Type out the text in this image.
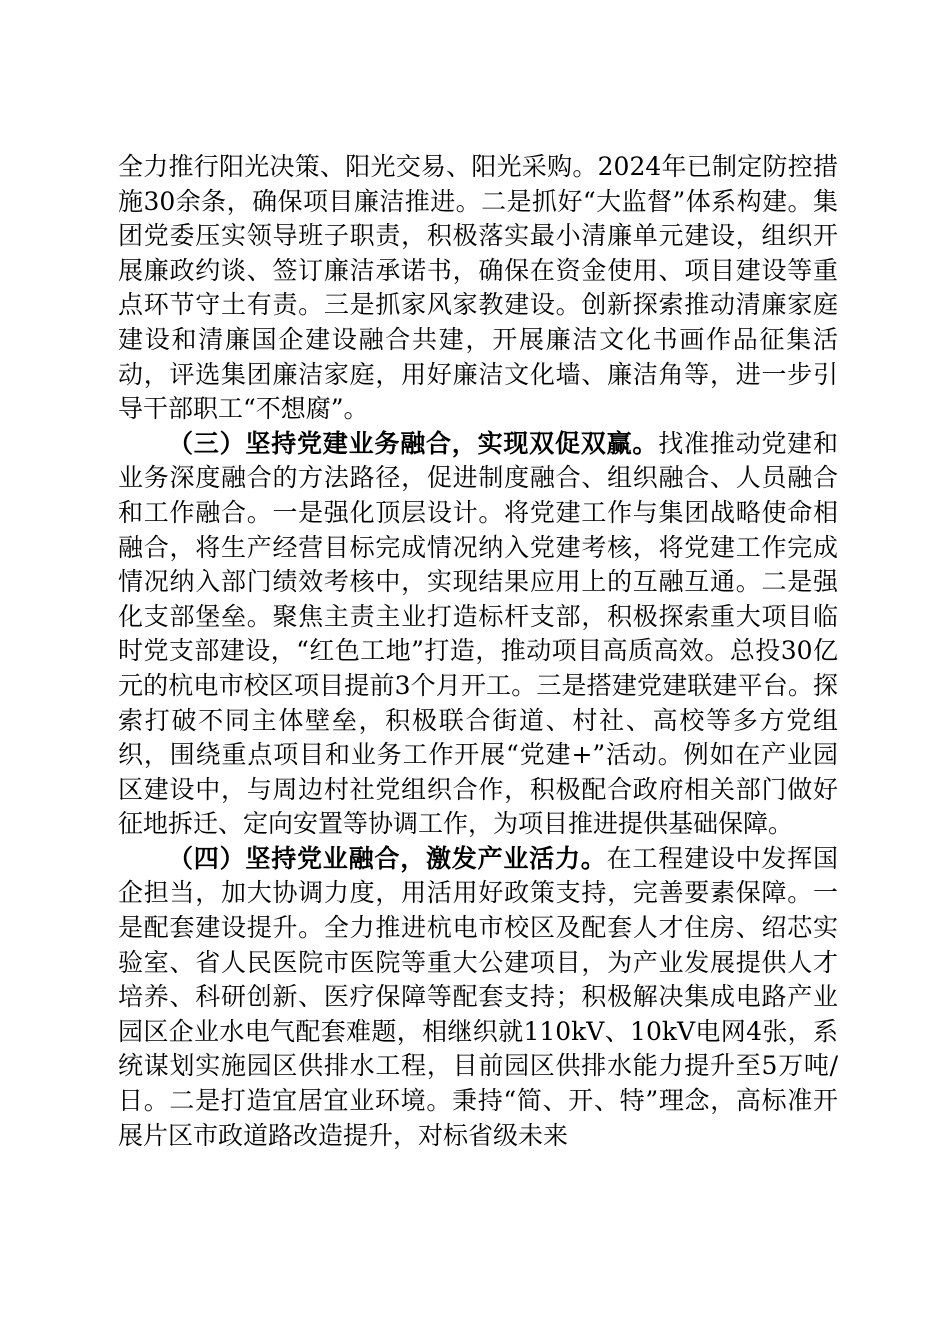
全力推行阳光决策、阳光交易、阳光采购。2024年已制定防控措施30余条，确保项目廉洁推进。二是抓好“大监督”体系构建。集团党委压实领导班子职责，积极落实最小清廉单元建设，组织开展廉政约谈、签订廉洁承诺书，确保在资金使用、项目建设等重点环节守土有责。三是抓家风家教建设。创新探索推动清廉家庭建设和清廉国企建设融合共建，开展廉洁文化书画作品征集活动，评选集团廉洁家庭，用好廉洁文化墙、廉洁角等，进一步引导干部职工“不想腐”。

（三）坚持党建业务融合，实现双促双赢。找准推动党建和业务深度融合的方法路径，促进制度融合、组织融合、人员融合和工作融合。一是强化顶层设计。将党建工作与集团战略使命相融合，将生产经营目标完成情况纳入党建考核，将党建工作完成情况纳入部门绩效考核中，实现结果应用上的互融互通。二是强化支部堡垒。聚焦主责主业打造标杆支部，积极探索重大项目临时党支部建设，“红色工地”打造，推动项目高质高效。总投30亿元的杭电市校区项目提前3个月开工。三是搭建党建联建平台。探索打破不同主体壁垒，积极联合街道、村社、高校等多方党组织，围绕重点项目和业务工作开展“党建+”活动。例如在产业园区建设中，与周边村社党组织合作，积极配合政府相关部门做好征地拆迁、定向安置等协调工作，为项目推进提供基础保障。

（四）坚持党业融合，激发产业活力。在工程建设中发挥国企担当，加大协调力度，用活用好政策支持，完善要素保障。一是配套建设提升。全力推进杭电市校区及配套人才住房、绍芯实验室、省人民医院市医院等重大公建项目，为产业发展提供人才培养、科研创新、医疗保障等配套支持；积极解决集成电路产业园区企业水电气配套难题，相继织就110kV、10kV电网4张，系统谋划实施园区供排水工程，目前园区供排水能力提升至5万吨/日。二是打造宜居宜业环境。秉持“简、开、特”理念，高标准开展片区市政道路改造提升，对标省级未来
